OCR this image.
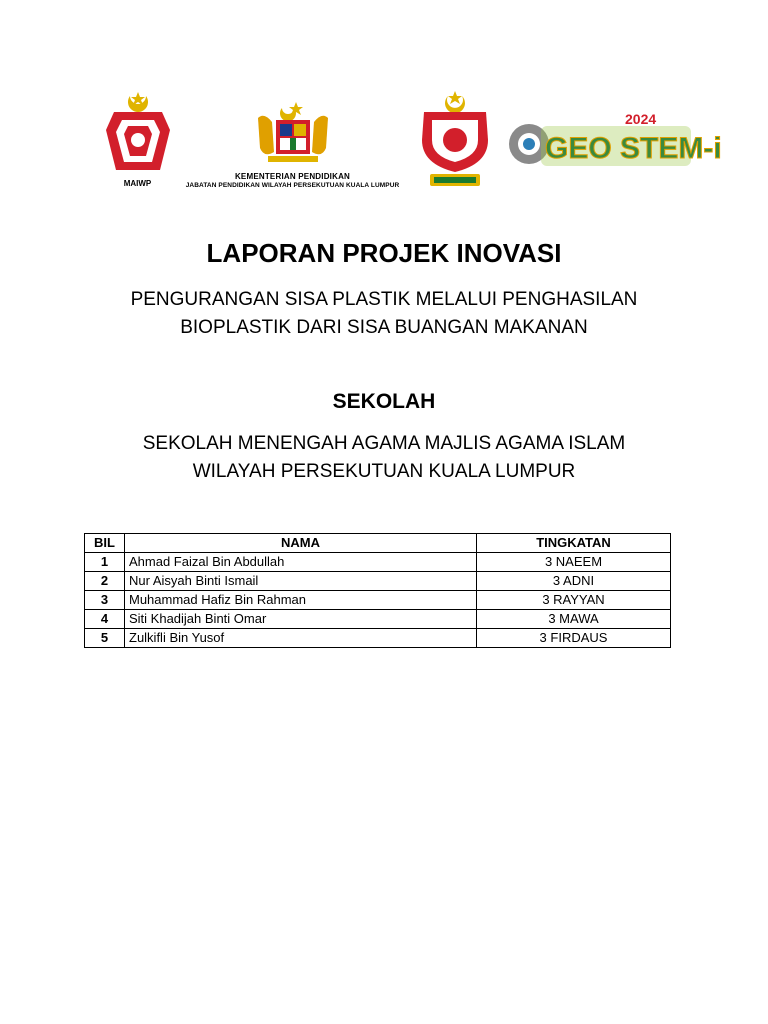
MAIWP
KEMENTERIAN PENDIDIKAN
JABATAN PENDIDIKAN WILAYAH PERSEKUTUAN KUALA LUMPUR
GEO STEM-i
2024
LAPORAN PROJEK INOVASI
PENGURANGAN SISA PLASTIK MELALUI PENGHASILAN
BIOPLASTIK DARI SISA BUANGAN MAKANAN
SEKOLAH
SEKOLAH MENENGAH AGAMA MAJLIS AGAMA ISLAM
WILAYAH PERSEKUTUAN KUALA LUMPUR
BIL	NAMA	TINGKATAN
1	Ahmad Faizal Bin Abdullah	3 NAEEM
2	Nur Aisyah Binti Ismail	3 ADNI
3	Muhammad Hafiz Bin Rahman	3 RAYYAN
4	Siti Khadijah Binti Omar	3 MAWA
5	Zulkifli Bin Yusof	3 FIRDAUS
